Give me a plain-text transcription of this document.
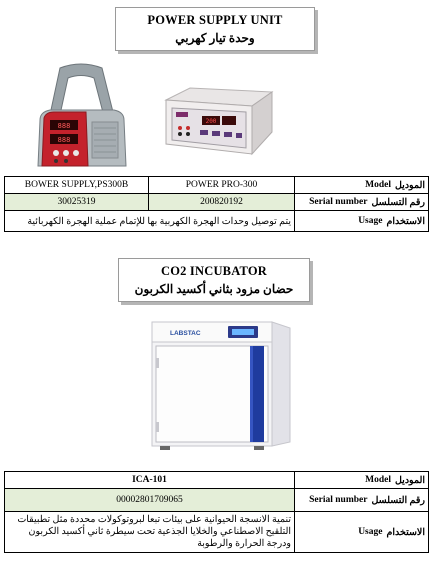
POWER SUPPLY UNIT
وحدة تيار كهربي
888
888
200
BOWER SUPPLY,PS300B	POWER PRO-300	Model الموديل

30025319	200820192	Serial number رقم التسلسل

يتم توصيل وحدات الهجرة الكهربية بها للإتمام عملية الهجرة الكهربائية		Usage الاستخدام
CO2 INCUBATOR
حضان مزود بثاني أكسيد الكربون
LABSTAC
ICA-101	Model الموديل

00002801709065	Serial number رقم التسلسل

تنمية الانسجة الحيوانية على بيئات تبعا لبروتوكولات محددة مثل تطبيقات التلقيح الاصطناعي والخلايا الجذعية تحت سيطرة ثاني أكسيد الكربون ودرجة الحرارة والرطوبة	Usage الاستخدام
